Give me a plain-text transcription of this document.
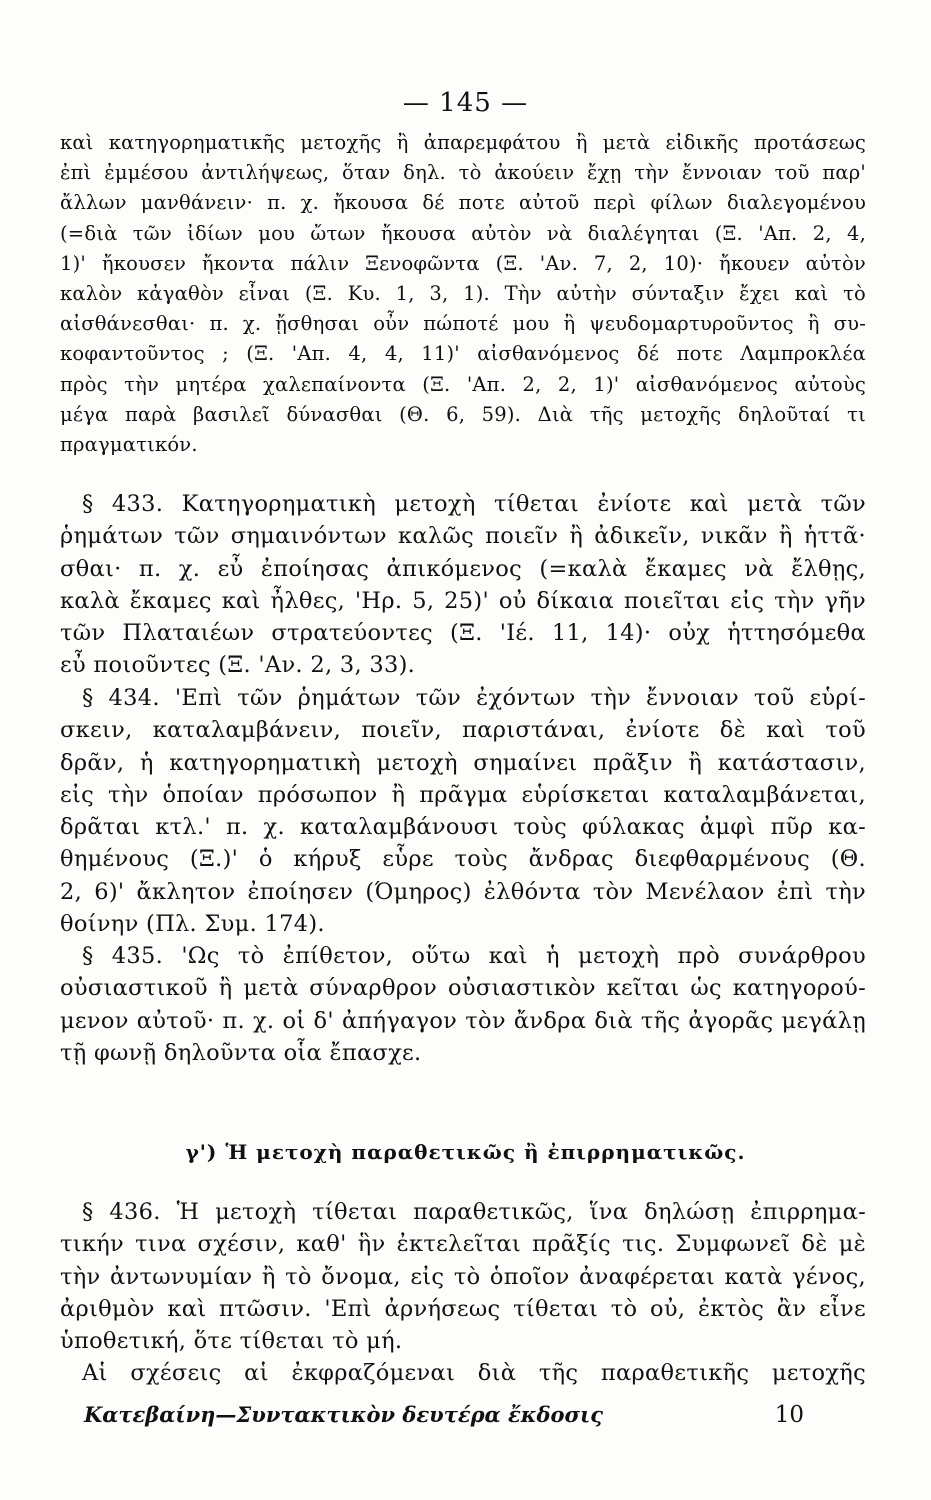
— 145 —
καὶ κατηγορηματικῆς μετοχῆς ἢ ἀπαρεμφάτου ἢ μετὰ εἰδικῆς προτάσεως
ἐπὶ ἐμμέσου ἀντιλήψεως, ὅταν δηλ. τὸ ἀκούειν ἔχῃ τὴν ἔννοιαν τοῦ παρ'
ἄλλων μανθάνειν· π. χ. ἤκουσα δέ ποτε αὐτοῦ περὶ φίλων διαλεγομένου
(=διὰ τῶν ἰδίων μου ὤτων ἤκουσα αὐτὸν νὰ διαλέγηται (Ξ. 'Απ. 2, 4,
1)' ἤκουσεν ἤκοντα πάλιν Ξενοφῶντα (Ξ. 'Αν. 7, 2, 10)· ἤκουεν αὐτὸν
καλὸν κἀγαθὸν εἶναι (Ξ. Κυ. 1, 3, 1). Τὴν αὐτὴν σύνταξιν ἔχει καὶ τὸ
αἰσθάνεσθαι· π. χ. ᾔσθησαι οὖν πώποτέ μου ἢ ψευδομαρτυροῦντος ἢ συ-
κοφαντοῦντος ; (Ξ. 'Απ. 4, 4, 11)' αἰσθανόμενος δέ ποτε Λαμπροκλέα
πρὸς τὴν μητέρα χαλεπαίνοντα (Ξ. 'Απ. 2, 2, 1)' αἰσθανόμενος αὐτοὺς
μέγα παρὰ βασιλεῖ δύνασθαι (Θ. 6, 59). Διὰ τῆς μετοχῆς δηλοῦταί τι
πραγματικόν.
§ 433. Κατηγορηματικὴ μετοχὴ τίθεται ἐνίοτε καὶ μετὰ τῶν
ῥημάτων τῶν σημαινόντων καλῶς ποιεῖν ἢ ἀδικεῖν, νικᾶν ἢ ἡττᾶ·
σθαι· π. χ. εὖ ἐποίησας ἀπικόμενος (=καλὰ ἔκαμες νὰ ἔλθῃς,
καλὰ ἔκαμες καὶ ἦλθες, 'Ηρ. 5, 25)' οὐ δίκαια ποιεῖται εἰς τὴν γῆν
τῶν Πλαταιέων στρατεύοντες (Ξ. 'Ιέ. 11, 14)· οὐχ ἡττησόμεθα
εὖ ποιοῦντες (Ξ. 'Αν. 2, 3, 33).
§ 434. 'Επὶ τῶν ῥημάτων τῶν ἐχόντων τὴν ἔννοιαν τοῦ εὑρί-
σκειν, καταλαμβάνειν, ποιεῖν, παριστάναι, ἐνίοτε δὲ καὶ τοῦ
δρᾶν, ἡ κατηγορηματικὴ μετοχὴ σημαίνει πρᾶξιν ἢ κατάστασιν,
εἰς τὴν ὁποίαν πρόσωπον ἢ πρᾶγμα εὑρίσκεται καταλαμβάνεται,
δρᾶται κτλ.' π. χ. καταλαμβάνουσι τοὺς φύλακας ἀμφὶ πῦρ κα-
θημένους (Ξ.)' ὁ κήρυξ εὗρε τοὺς ἄνδρας διεφθαρμένους (Θ.
2, 6)' ἄκλητον ἐποίησεν (Όμηρος) ἐλθόντα τὸν Μενέλαον ἐπὶ τὴν
θοίνην (Πλ. Συμ. 174).
§ 435. 'Ως τὸ ἐπίθετον, οὕτω καὶ ἡ μετοχὴ πρὸ συνάρθρου
οὐσιαστικοῦ ἢ μετὰ σύναρθρον οὐσιαστικὸν κεῖται ὡς κατηγορού-
μενον αὐτοῦ· π. χ. οἱ δ' ἀπήγαγον τὸν ἄνδρα διὰ τῆς ἀγορᾶς μεγάλῃ
τῇ φωνῇ δηλοῦντα οἷα ἔπασχε.
γ') Ἡ μετοχὴ παραθετικῶς ἢ ἐπιρρηματικῶς.
§ 436. Ἡ μετοχὴ τίθεται παραθετικῶς, ἵνα δηλώσῃ ἐπιρρημα-
τικήν τινα σχέσιν, καθ' ἣν ἐκτελεῖται πρᾶξίς τις. Συμφωνεῖ δὲ μὲ
τὴν ἀντωνυμίαν ἢ τὸ ὄνομα, εἰς τὸ ὁποῖον ἀναφέρεται κατὰ γένος,
ἀριθμὸν καὶ πτῶσιν. 'Επὶ ἀρνήσεως τίθεται τὸ οὐ, ἐκτὸς ἂν εἶνε
ὑποθετική, ὅτε τίθεται τὸ μή.
Αἱ σχέσεις αἱ ἐκφραζόμεναι διὰ τῆς παραθετικῆς μετοχῆς
Κατεβαίνη—Συντακτικὸν δευτέρα ἔκδοσις	10
